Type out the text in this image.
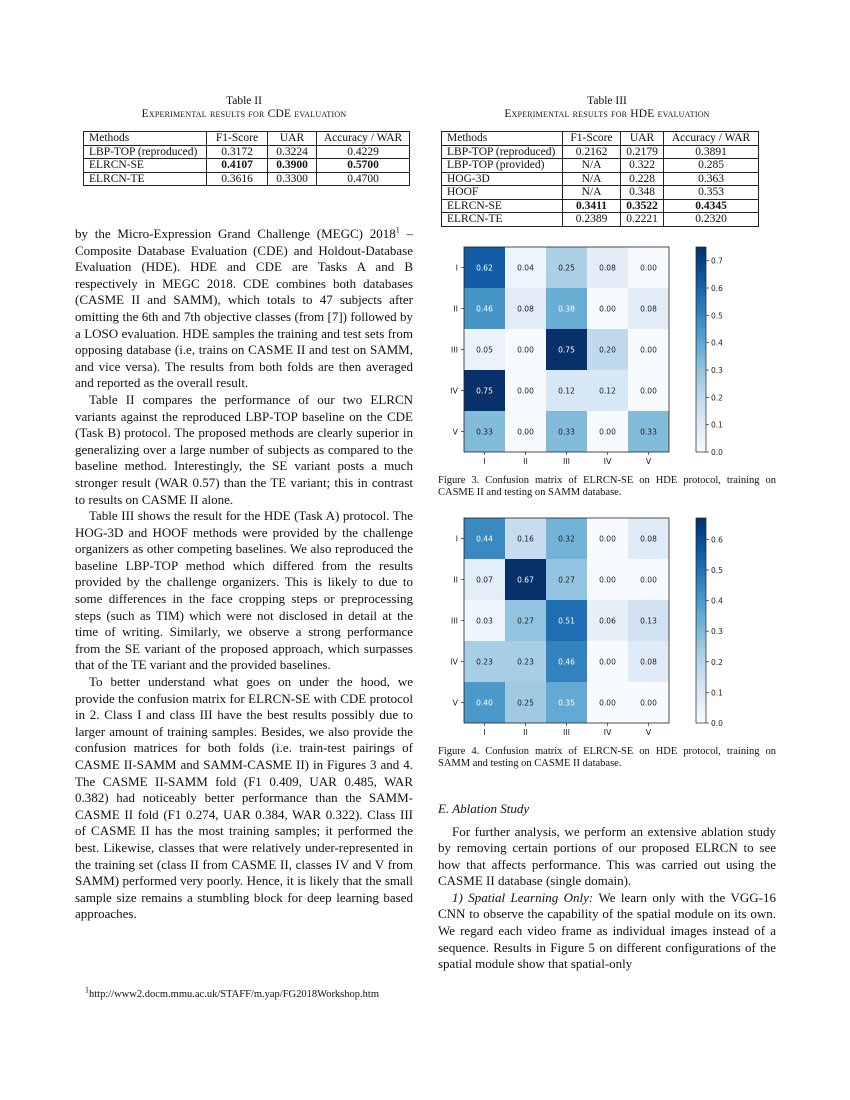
Table II
Experimental results for CDE evaluation
Methods	F1-Score	UAR	Accuracy / WAR
LBP-TOP (reproduced)	0.3172	0.3224	0.4229
ELRCN-SE	0.4107	0.3900	0.5700
ELRCN-TE	0.3616	0.3300	0.4700

by the Micro-Expression Grand Challenge (MEGC) 2018$^1$ – Composite Database Evaluation (CDE) and Holdout-Database Evaluation (HDE). HDE and CDE are Tasks A and B respectively in MEGC 2018. CDE combines both databases (CASME II and SAMM), which totals to 47 subjects after omitting the 6th and 7th objective classes (from [7]) followed by a LOSO evaluation. HDE samples the training and test sets from opposing database (i.e, trains on CASME II and test on SAMM, and vice versa). The results from both folds are then averaged and reported as the overall result.

Table II compares the performance of our two ELRCN variants against the reproduced LBP-TOP baseline on the CDE (Task B) protocol. The proposed methods are clearly superior in generalizing over a large number of subjects as compared to the baseline method. Interestingly, the SE variant posts a much stronger result (WAR 0.57) than the TE variant; this in contrast to results on CASME II alone.

Table III shows the result for the HDE (Task A) protocol. The HOG-3D and HOOF methods were provided by the challenge organizers as other competing baselines. We also reproduced the baseline LBP-TOP method which differed from the results provided by the challenge organizers. This is likely to due to some differences in the face cropping steps or preprocessing steps (such as TIM) which were not disclosed in detail at the time of writing. Similarly, we observe a strong performance from the SE variant of the proposed approach, which surpasses that of the TE variant and the provided baselines.

To better understand what goes on under the hood, we provide the confusion matrix for ELRCN-SE with CDE protocol in 2. Class I and class III have the best results possibly due to larger amount of training samples. Besides, we also provide the confusion matrices for both folds (i.e. train-test pairings of CASME II-SAMM and SAMM-CASME II) in Figures 3 and 4. The CASME II-SAMM fold (F1 0.409, UAR 0.485, WAR 0.382) had noticeably better performance than the SAMM-CASME II fold (F1 0.274, UAR 0.384, WAR 0.322). Class III of CASME II has the most training samples; it performed the best. Likewise, classes that were relatively under-represented in the training set (class II from CASME II, classes IV and V from SAMM) performed very poorly. Hence, it is likely that the small sample size remains a stumbling block for deep learning based approaches.

$^1$http://www2.docm.mmu.ac.uk/STAFF/m.yap/FG2018Workshop.htm
Table III
Experimental results for HDE evaluation
Methods	F1-Score	UAR	Accuracy / WAR
LBP-TOP (reproduced)	0.2162	0.2179	0.3891
LBP-TOP (provided)	N/A	0.322	0.285
HOG-3D	N/A	0.228	0.363
HOOF	N/A	0.348	0.353
ELRCN-SE	0.3411	0.3522	0.4345
ELRCN-TE	0.2389	0.2221	0.2320
0.62	0.04	0.25	0.08	0.00
0.46	0.08	0.38	0.00	0.08
0.05	0.00	0.75	0.20	0.00
0.75	0.00	0.12	0.12	0.00
0.33	0.00	0.33	0.00	0.33
I
II
III
IV
V
I	II	III	IV	V
0.0
0.1
0.2
0.3
0.4
0.5
0.6
0.7
Figure 3. Confusion matrix of ELRCN-SE on HDE protocol, training on CASME II and testing on SAMM database.
0.44	0.16	0.32	0.00	0.08
0.07	0.67	0.27	0.00	0.00
0.03	0.27	0.51	0.06	0.13
0.23	0.23	0.46	0.00	0.08
0.40	0.25	0.35	0.00	0.00
I
II
III
IV
V
I	II	III	IV	V
0.0
0.1
0.2
0.3
0.4
0.5
0.6
Figure 4. Confusion matrix of ELRCN-SE on HDE protocol, training on SAMM and testing on CASME II database.
E. Ablation Study

For further analysis, we perform an extensive ablation study by removing certain portions of our proposed ELRCN to see how that affects performance. This was carried out using the CASME II database (single domain).

1) Spatial Learning Only: We learn only with the VGG-16 CNN to observe the capability of the spatial module on its own. We regard each video frame as individual images instead of a sequence. Results in Figure 5 on different configurations of the spatial module show that spatial-only
